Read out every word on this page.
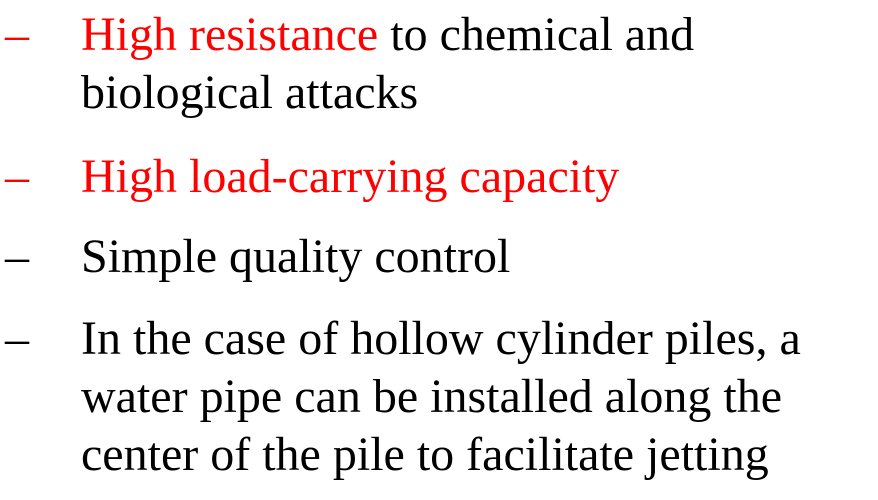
– High resistance to chemical and
biological attacks
– High load-carrying capacity
– Simple quality control
– In the case of hollow cylinder piles, a
water pipe can be installed along the
center of the pile to facilitate jetting
